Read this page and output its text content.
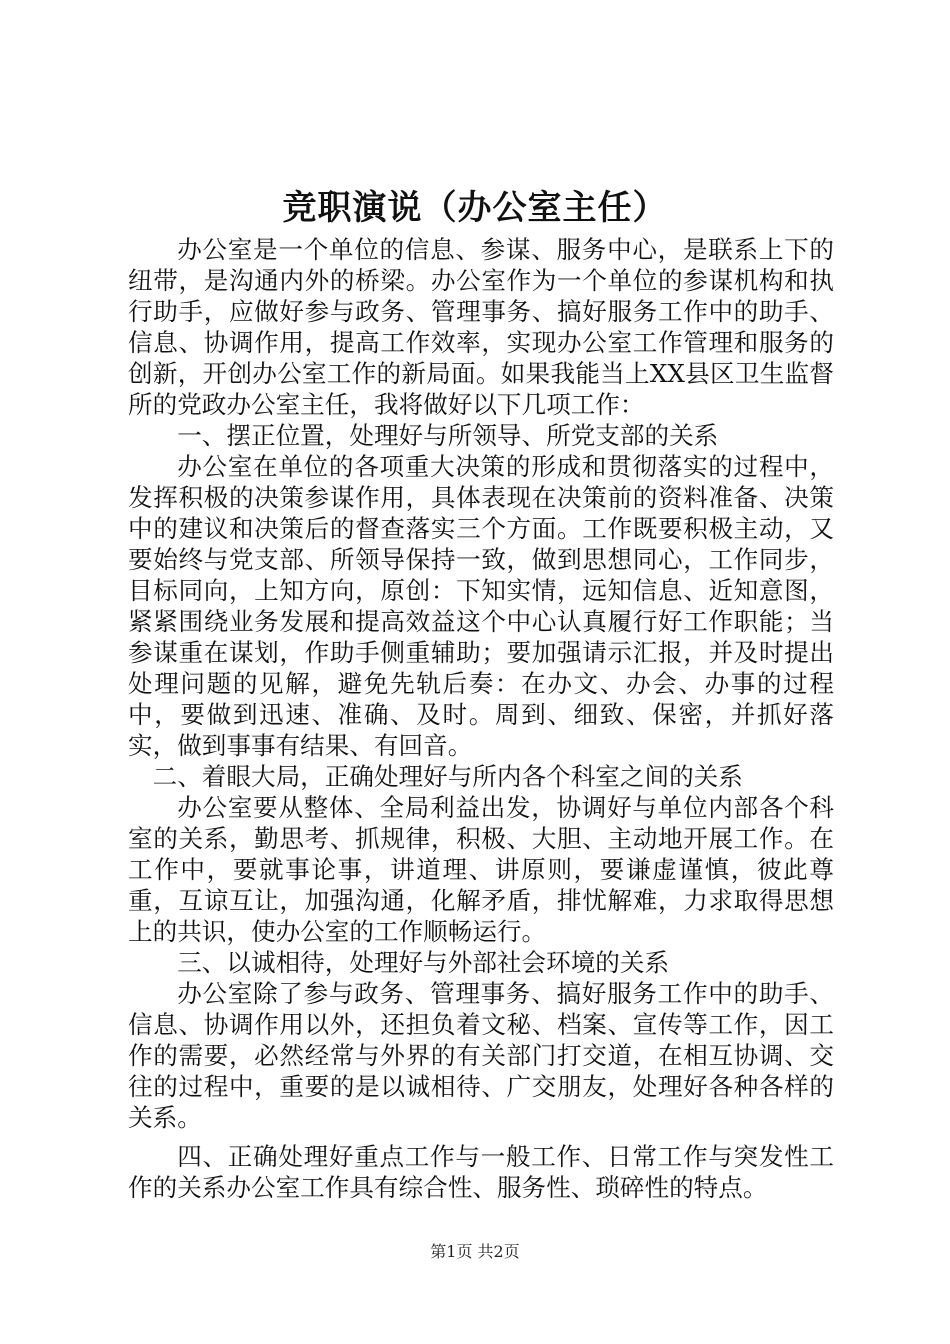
竞职演说（办公室主任）

办公室是一个单位的信息、参谋、服务中心，是联系上下的纽带，是沟通内外的桥梁。办公室作为一个单位的参谋机构和执行助手，应做好参与政务、管理事务、搞好服务工作中的助手、信息、协调作用，提高工作效率，实现办公室工作管理和服务的创新，开创办公室工作的新局面。如果我能当上XX县区卫生监督所的党政办公室主任，我将做好以下几项工作：

一、摆正位置，处理好与所领导、所党支部的关系

办公室在单位的各项重大决策的形成和贯彻落实的过程中，发挥积极的决策参谋作用，具体表现在决策前的资料准备、决策中的建议和决策后的督查落实三个方面。工作既要积极主动，又要始终与党支部、所领导保持一致，做到思想同心，工作同步，目标同向，上知方向，原创：下知实情，远知信息、近知意图，紧紧围绕业务发展和提高效益这个中心认真履行好工作职能；当参谋重在谋划，作助手侧重辅助；要加强请示汇报，并及时提出处理问题的见解，避免先轨后奏：在办文、办会、办事的过程中，要做到迅速、准确、及时。周到、细致、保密，并抓好落实，做到事事有结果、有回音。

二、着眼大局，正确处理好与所内各个科室之间的关系

办公室要从整体、全局利益出发，协调好与单位内部各个科室的关系，勤思考、抓规律，积极、大胆、主动地开展工作。在工作中，要就事论事，讲道理、讲原则，要谦虚谨慎，彼此尊重，互谅互让，加强沟通，化解矛盾，排忧解难，力求取得思想上的共识，使办公室的工作顺畅运行。

三、以诚相待，处理好与外部社会环境的关系

办公室除了参与政务、管理事务、搞好服务工作中的助手、信息、协调作用以外，还担负着文秘、档案、宣传等工作，因工作的需要，必然经常与外界的有关部门打交道，在相互协调、交往的过程中，重要的是以诚相待、广交朋友，处理好各种各样的关系。

四、正确处理好重点工作与一般工作、日常工作与突发性工作的关系办公室工作具有综合性、服务性、琐碎性的特点。

第1页 共2页
